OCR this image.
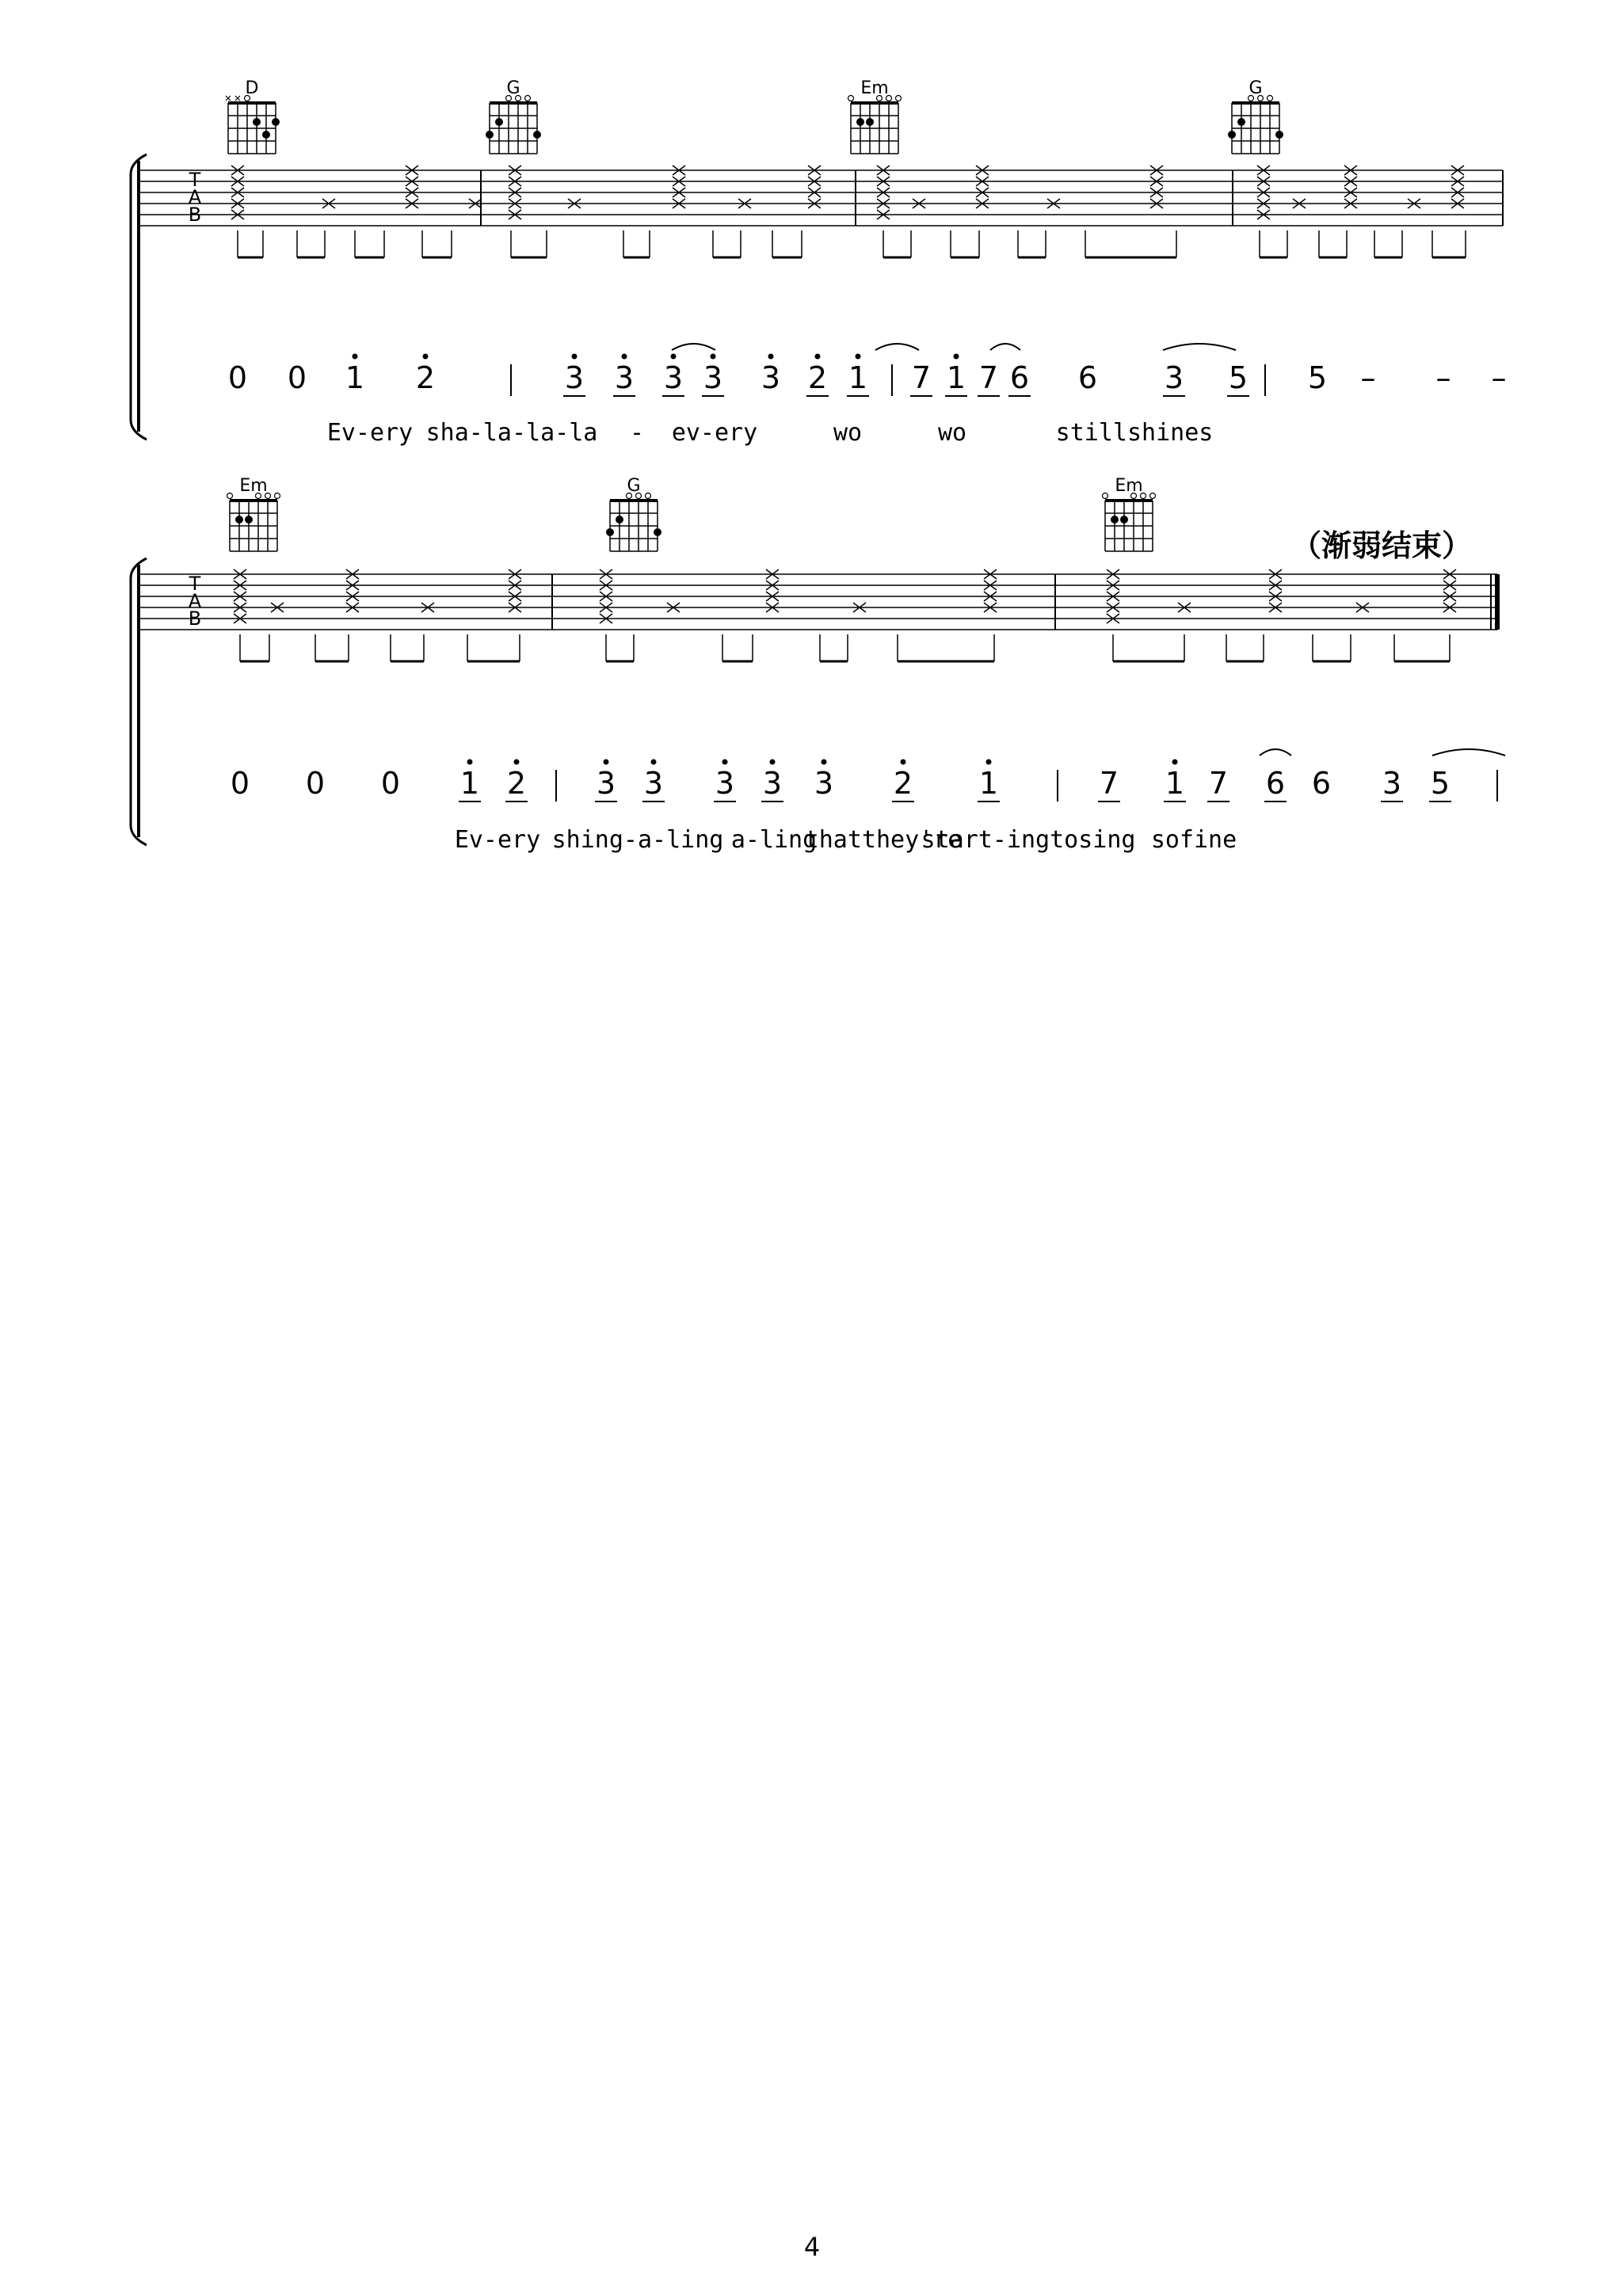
T
A
B
D	G	Em	G
0 0 1 2	3 3 3 3 3 2 1 7 1 7 6 6 3 5 5 – – –
Ev-ery sha-la-la-la - ev-ery	wo	wo	stillshines
（渐弱结束）
T
A
B
Em	G	Em
0 0 0 1 2 3 3 3 3 3 2 1	7 1 7 6 6 3 5
Ev-ery shing-a-ling a-ling
thatthey're
start-ingtosing sofine
4
